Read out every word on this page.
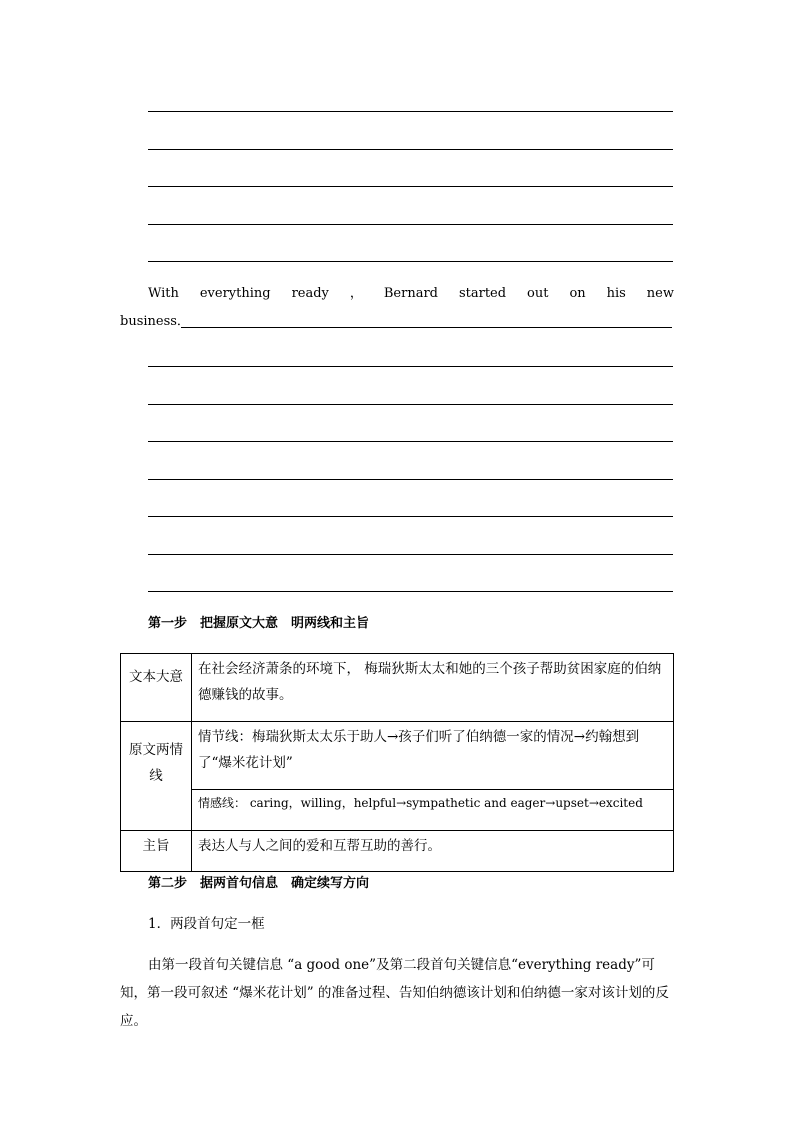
With everything ready ， Bernard started out on his new
business．
第一步　把握原文大意　明两线和主旨
文本大意	在社会经济萧条的环境下， 梅瑞狄斯太太和她的三个孩子帮助贫困家庭的伯纳德赚钱的故事。

原文两情线	情节线：梅瑞狄斯太太乐于助人→孩子们听了伯纳德一家的情况→约翰想到了“爆米花计划”

	情感线： caring，willing，helpful→sympathetic and eager→upset→excited

主旨	表达人与人之间的爱和互帮互助的善行。
第二步　据两首句信息　确定续写方向
1．两段首句定一框
由第一段首句关键信息 “a good one”及第二段首句关键信息“everything ready”可知，第一段可叙述 “爆米花计划” 的准备过程、告知伯纳德该计划和伯纳德一家对该计划的反应。
